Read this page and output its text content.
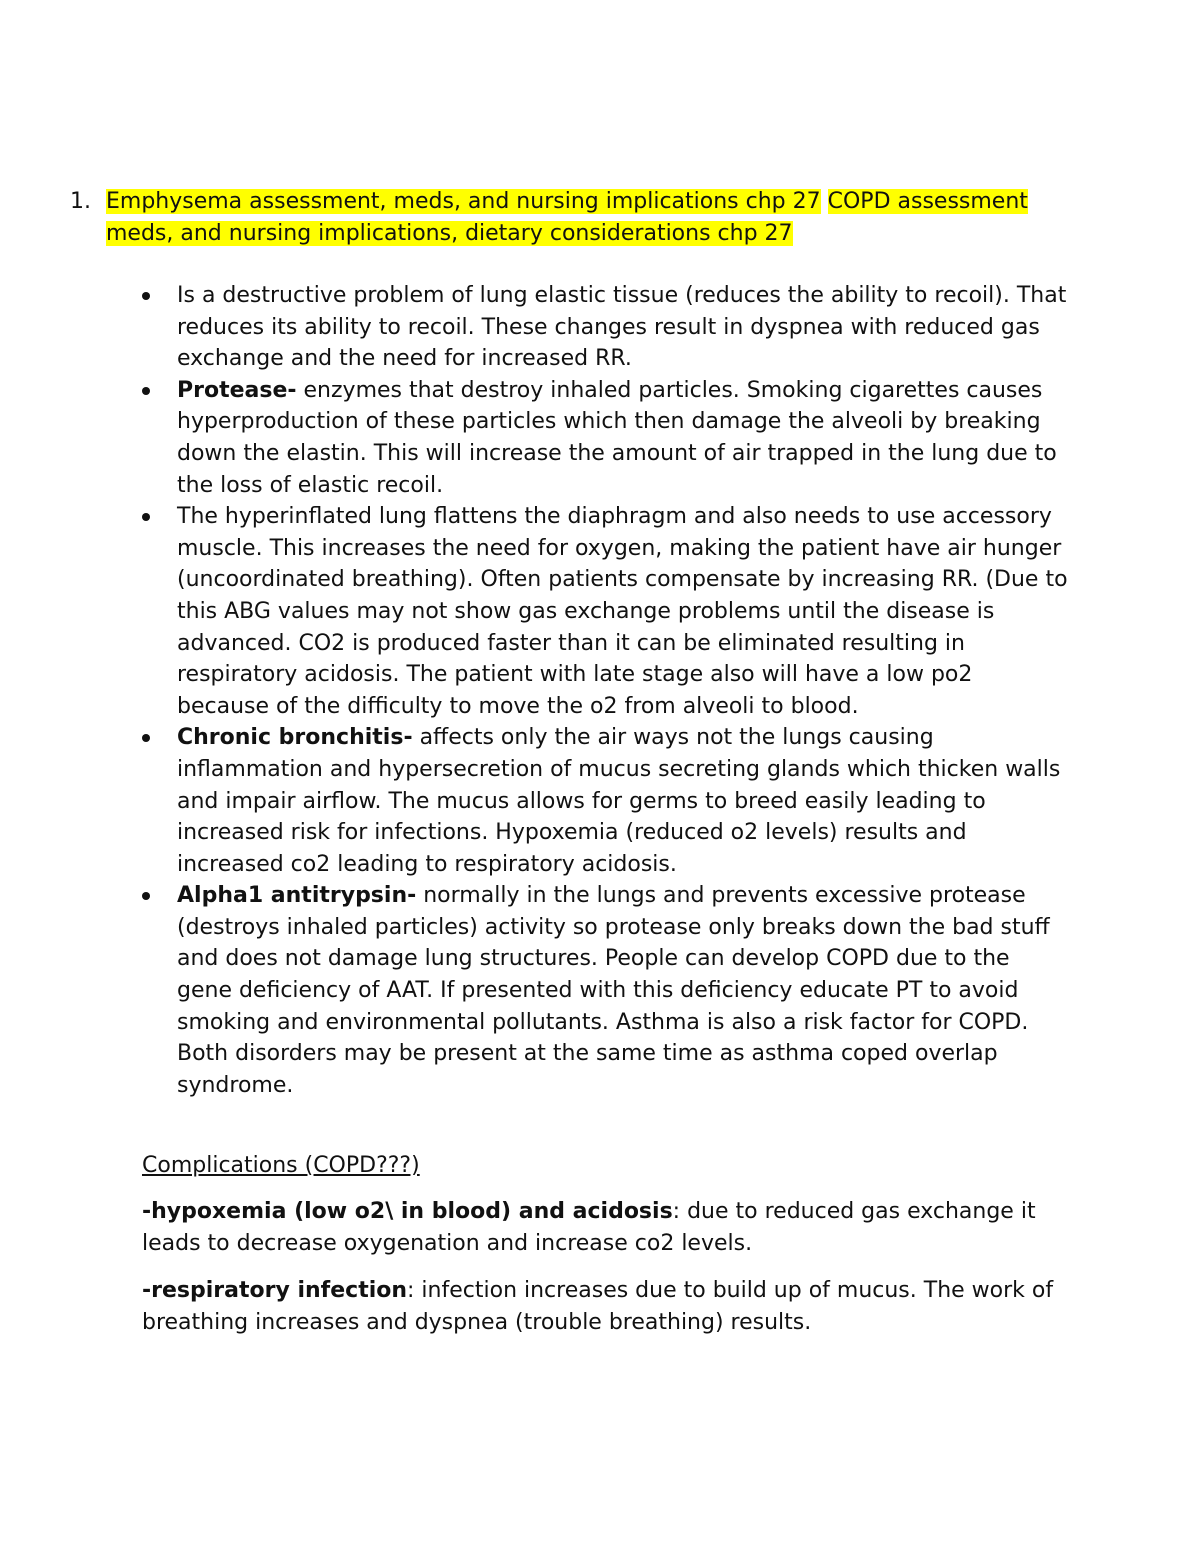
1. Emphysema assessment, meds, and nursing implications chp 27 COPD assessment meds, and nursing implications, dietary considerations chp 27
Is a destructive problem of lung elastic tissue (reduces the ability to recoil). That reduces its ability to recoil. These changes result in dyspnea with reduced gas exchange and the need for increased RR.
Protease- enzymes that destroy inhaled particles. Smoking cigarettes causes hyperproduction of these particles which then damage the alveoli by breaking down the elastin. This will increase the amount of air trapped in the lung due to the loss of elastic recoil.
The hyperinflated lung flattens the diaphragm and also needs to use accessory muscle. This increases the need for oxygen, making the patient have air hunger (uncoordinated breathing). Often patients compensate by increasing RR. (Due to this ABG values may not show gas exchange problems until the disease is advanced. CO2 is produced faster than it can be eliminated resulting in respiratory acidosis. The patient with late stage also will have a low po2 because of the difficulty to move the o2 from alveoli to blood.
Chronic bronchitis- affects only the air ways not the lungs causing inflammation and hypersecretion of mucus secreting glands which thicken walls and impair airflow. The mucus allows for germs to breed easily leading to increased risk for infections. Hypoxemia (reduced o2 levels) results and increased co2 leading to respiratory acidosis.
Alpha1 antitrypsin- normally in the lungs and prevents excessive protease (destroys inhaled particles) activity so protease only breaks down the bad stuff and does not damage lung structures. People can develop COPD due to the gene deficiency of AAT. If presented with this deficiency educate PT to avoid smoking and environmental pollutants. Asthma is also a risk factor for COPD. Both disorders may be present at the same time as asthma coped overlap syndrome.
Complications (COPD???)
-hypoxemia (low o2\ in blood) and acidosis: due to reduced gas exchange it leads to decrease oxygenation and increase co2 levels.
-respiratory infection: infection increases due to build up of mucus. The work of breathing increases and dyspnea (trouble breathing) results.
